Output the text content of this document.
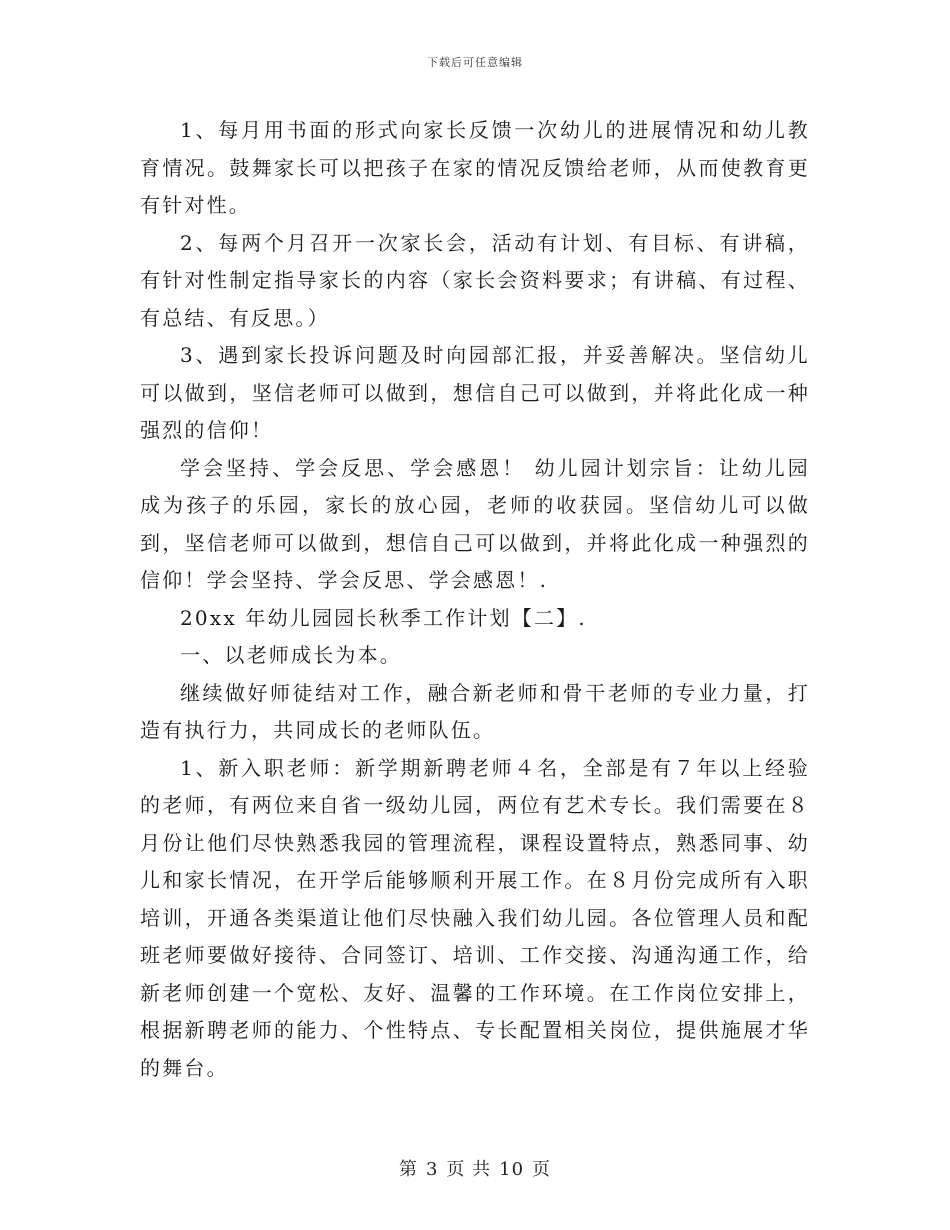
下载后可任意编辑

1、每月用书面的形式向家长反馈一次幼儿的进展情况和幼儿教育情况。鼓舞家长可以把孩子在家的情况反馈给老师，从而使教育更有针对性。

2、每两个月召开一次家长会，活动有计划、有目标、有讲稿，有针对性制定指导家长的内容（家长会资料要求；有讲稿、有过程、有总结、有反思。）

3、遇到家长投诉问题及时向园部汇报，并妥善解决。坚信幼儿可以做到，坚信老师可以做到，想信自己可以做到，并将此化成一种强烈的信仰！

学会坚持、学会反思、学会感恩！ 幼儿园计划宗旨：让幼儿园成为孩子的乐园，家长的放心园，老师的收获园。坚信幼儿可以做到，坚信老师可以做到，想信自己可以做到，并将此化成一种强烈的信仰！学会坚持、学会反思、学会感恩！.

20xx 年幼儿园园长秋季工作计划【二】.

一、以老师成长为本。

继续做好师徒结对工作，融合新老师和骨干老师的专业力量，打造有执行力，共同成长的老师队伍。

1、新入职老师：新学期新聘老师４名，全部是有７年以上经验的老师，有两位来自省一级幼儿园，两位有艺术专长。我们需要在８月份让他们尽快熟悉我园的管理流程，课程设置特点，熟悉同事、幼儿和家长情况，在开学后能够顺利开展工作。在８月份完成所有入职培训，开通各类渠道让他们尽快融入我们幼儿园。各位管理人员和配班老师要做好接待、合同签订、培训、工作交接、沟通沟通工作，给新老师创建一个宽松、友好、温馨的工作环境。在工作岗位安排上，根据新聘老师的能力、个性特点、专长配置相关岗位，提供施展才华的舞台。

第 3 页 共 10 页
